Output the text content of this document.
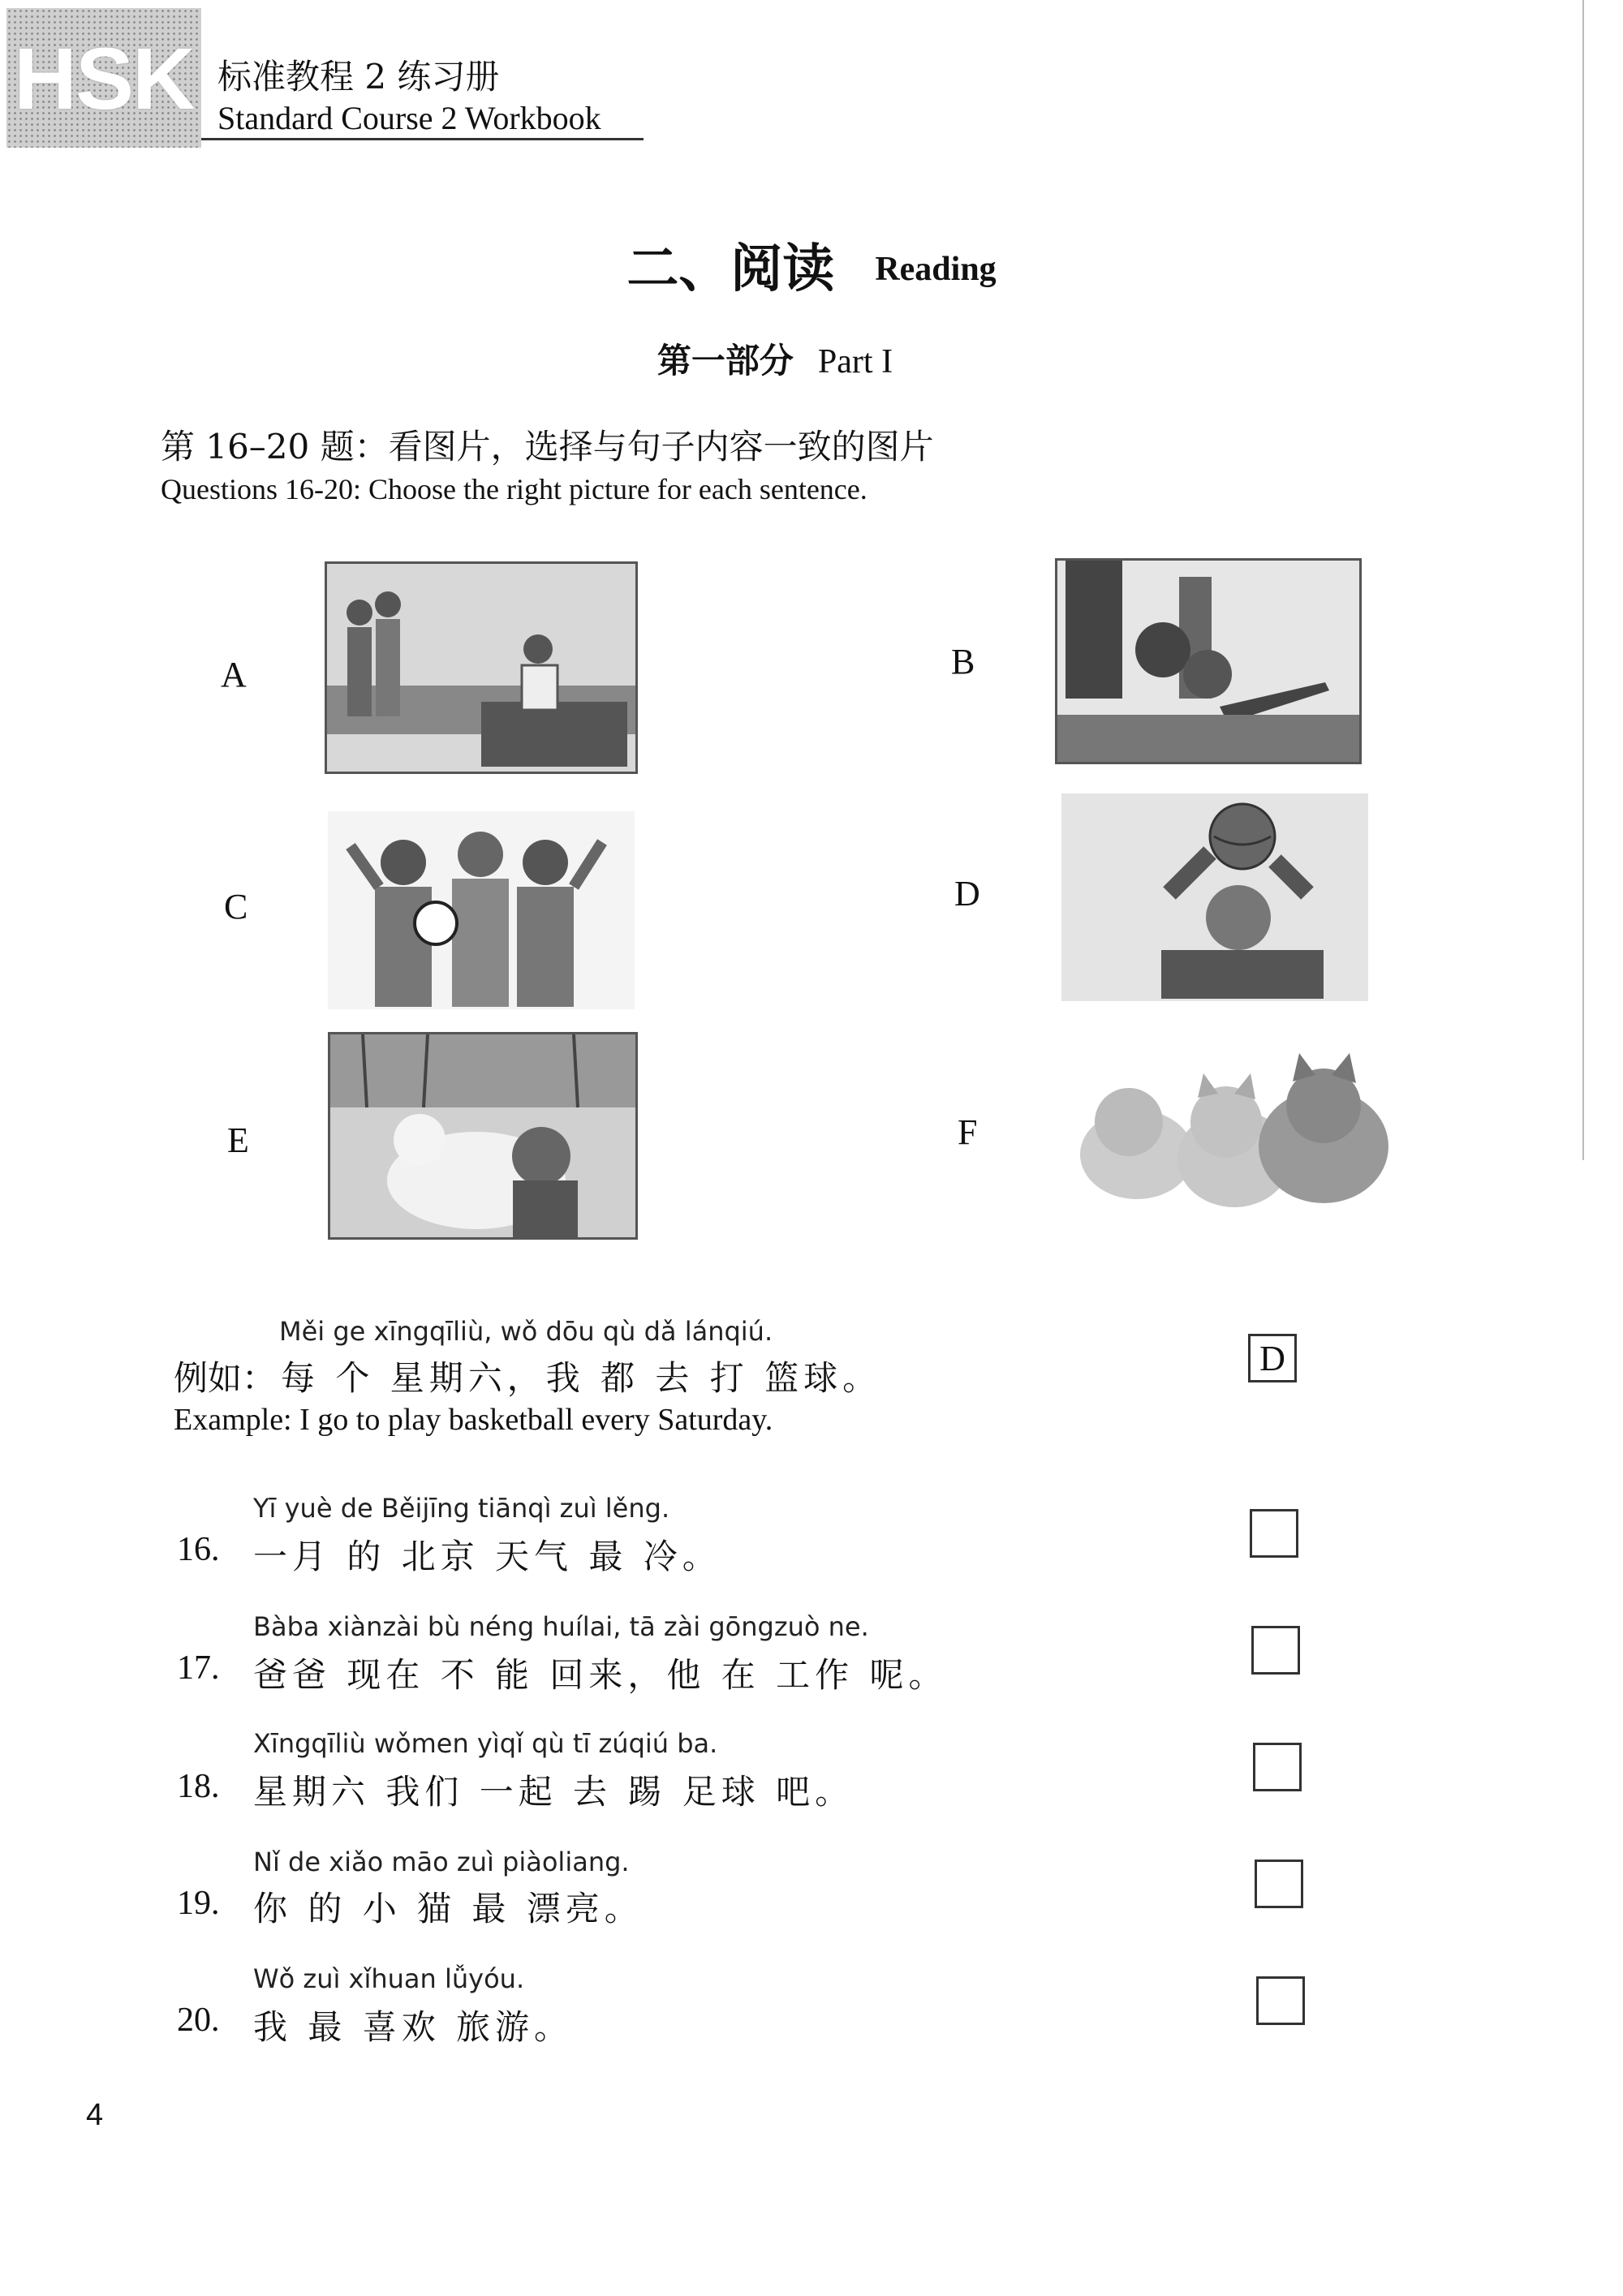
HSK 标准教程 2 练习册
Standard Course 2 Workbook
二、阅读 Reading
第一部分 Part I
第 16–20 题：看图片，选择与句子内容一致的图片
Questions 16-20: Choose the right picture for each sentence.
A	B
C	D
E	F
Měi ge xīngqīliù, wǒ dōu qù dǎ lánqiú.
例如： 每 个 星期六，我 都 去 打 篮球。
Example: I go to play basketball every Saturday.
D
Yī yuè de Běijīng tiānqì zuì lěng.
16. 一月 的 北京 天气 最 冷。
Bàba xiànzài bù néng huílai, tā zài gōngzuò ne.
17. 爸爸 现在 不 能 回来，他 在 工作 呢。
Xīngqīliù wǒmen yìqǐ qù tī zúqiú ba.
18. 星期六 我们 一起 去 踢 足球 吧。
Nǐ de xiǎo māo zuì piàoliang.
19. 你 的 小 猫 最 漂亮。
Wǒ zuì xǐhuan lǚyóu.
20. 我 最 喜欢 旅游。
4
